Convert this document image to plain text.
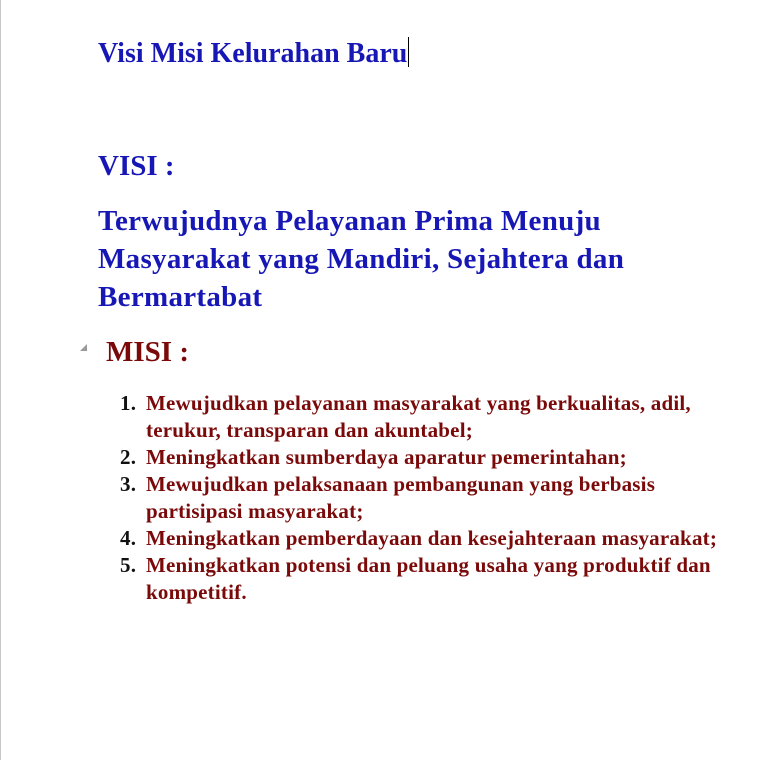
Visi Misi Kelurahan Baru
VISI :

Terwujudnya Pelayanan Prima Menuju Masyarakat yang Mandiri, Sejahtera dan Bermartabat

MISI :
1. Mewujudkan pelayanan masyarakat yang berkualitas, adil, terukur, transparan dan akuntabel;
2. Meningkatkan sumberdaya aparatur pemerintahan;
3. Mewujudkan pelaksanaan pembangunan yang berbasis partisipasi masyarakat;
4. Meningkatkan pemberdayaan dan kesejahteraan masyarakat;
5. Meningkatkan potensi dan peluang usaha yang produktif dan kompetitif.
